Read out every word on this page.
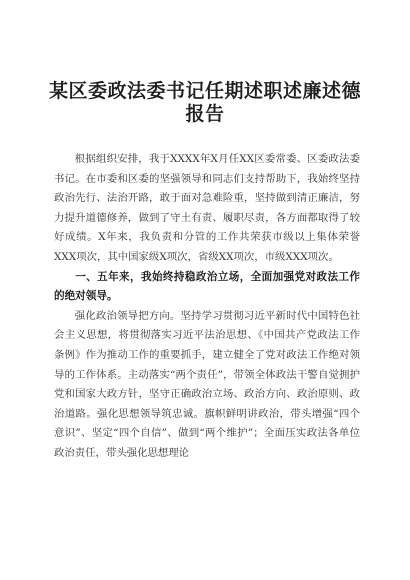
某区委政法委书记任期述职述廉述德报告

根据组织安排，我于XXXX年X月任XX区委常委、区委政法委书记。在市委和区委的坚强领导和同志们支持帮助下，我始终坚持政治先行、法治开路，敢于面对急难险重，坚持做到清正廉洁，努力提升道德修养，做到了守土有责、履职尽责，各方面都取得了较好成绩。X年来，我负责和分管的工作共荣获市级以上集体荣誉XXX项次，其中国家级X项次，省级XX项次，市级XXX项次。

一、五年来，我始终持稳政治立场，全面加强党对政法工作的绝对领导。

强化政治领导把方向。坚持学习贯彻习近平新时代中国特色社会主义思想，将贯彻落实习近平法治思想、《中国共产党政法工作条例》作为推动工作的重要抓手，建立健全了党对政法工作绝对领导的工作体系。主动落实“两个责任”，带领全体政法干警自觉拥护党和国家大政方针，坚守正确政治立场、政治方向、政治原则、政治道路。强化思想领导筑忠诚。旗帜鲜明讲政治，带头增强“四个意识”、坚定“四个自信”、做到“两个维护”；全面压实政法各单位政治责任，带头强化思想理论
